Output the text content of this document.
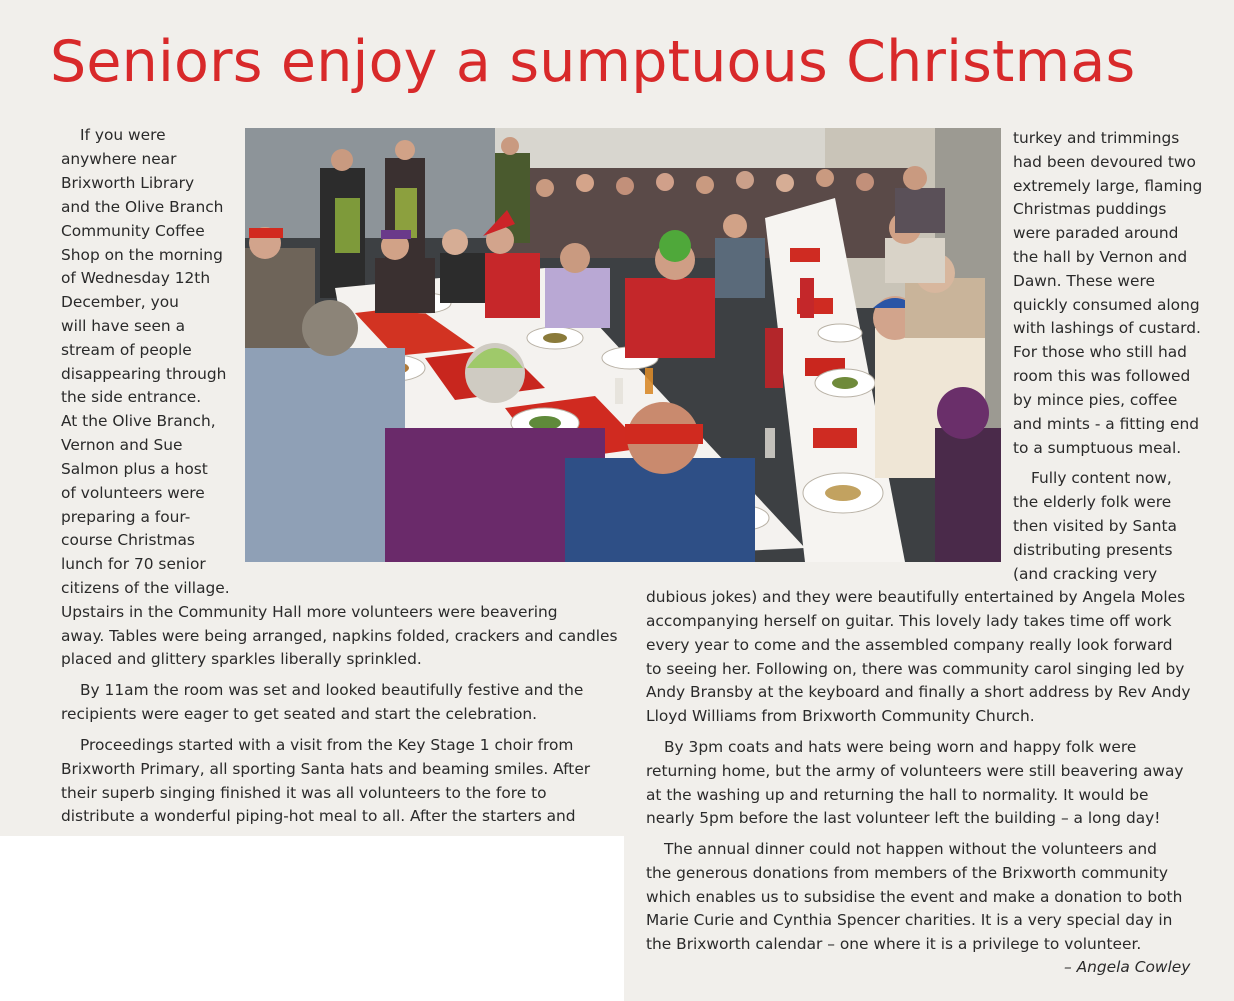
Seniors enjoy a sumptuous Christmas
If you were
anywhere near
Brixworth Library
and the Olive Branch
Community Coffee
Shop on the morning
of Wednesday 12th
December, you
will have seen a
stream of people
disappearing through
the side entrance.
At the Olive Branch,
Vernon and Sue
Salmon plus a host
of volunteers were
preparing a four-
course Christmas
lunch for 70 senior
citizens of the village.
Upstairs in the Community Hall more volunteers were beavering
away. Tables were being arranged, napkins folded, crackers and candles
placed and glittery sparkles liberally sprinkled.
By 11am the room was set and looked beautifully festive and the
recipients were eager to get seated and start the celebration.
Proceedings started with a visit from the Key Stage 1 choir from
Brixworth Primary, all sporting Santa hats and beaming smiles. After
their superb singing finished it was all volunteers to the fore to
distribute a wonderful piping-hot meal to all. After the starters and
turkey and trimmings
had been devoured two
extremely large, flaming
Christmas puddings
were paraded around
the hall by Vernon and
Dawn. These were
quickly consumed along
with lashings of custard.
For those who still had
room this was followed
by mince pies, coffee
and mints - a fitting end
to a sumptuous meal.
Fully content now,
the elderly folk were
then visited by Santa
distributing presents
(and cracking very
dubious jokes) and they were beautifully entertained by Angela Moles
accompanying herself on guitar. This lovely lady takes time off work
every year to come and the assembled company really look forward
to seeing her. Following on, there was community carol singing led by
Andy Bransby at the keyboard and finally a short address by Rev Andy
Lloyd Williams from Brixworth Community Church.
By 3pm coats and hats were being worn and happy folk were
returning home, but the army of volunteers were still beavering away
at the washing up and returning the hall to normality. It would be
nearly 5pm before the last volunteer left the building – a long day!
The annual dinner could not happen without the volunteers and
the generous donations from members of the Brixworth community
which enables us to subsidise the event and make a donation to both
Marie Curie and Cynthia Spencer charities. It is a very special day in
the Brixworth calendar – one where it is a privilege to volunteer.
– Angela Cowley
